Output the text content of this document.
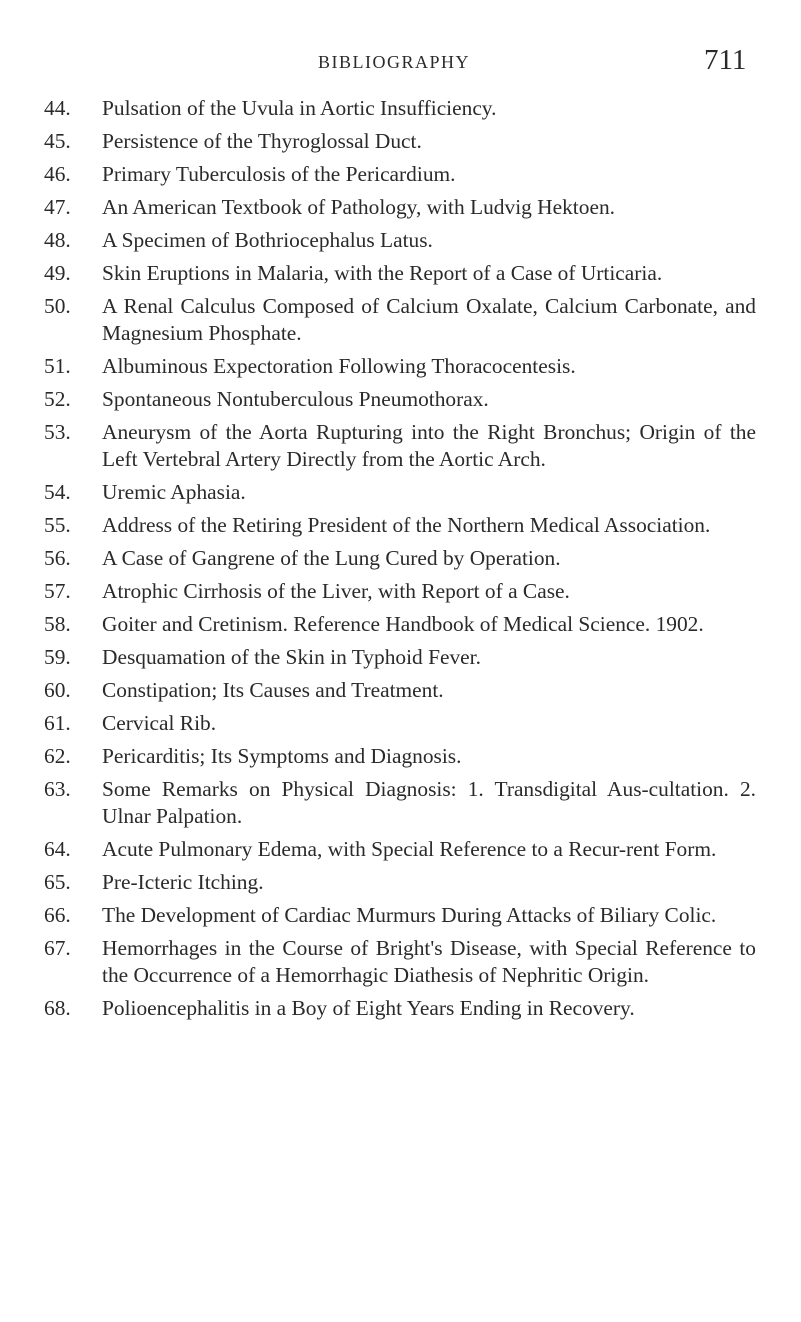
BIBLIOGRAPHY	711
44. Pulsation of the Uvula in Aortic Insufficiency.
45. Persistence of the Thyroglossal Duct.
46. Primary Tuberculosis of the Pericardium.
47. An American Textbook of Pathology, with Ludvig Hektoen.
48. A Specimen of Bothriocephalus Latus.
49. Skin Eruptions in Malaria, with the Report of a Case of Urticaria.
50. A Renal Calculus Composed of Calcium Oxalate, Calcium Carbonate, and Magnesium Phosphate.
51. Albuminous Expectoration Following Thoracocentesis.
52. Spontaneous Nontuberculous Pneumothorax.
53. Aneurysm of the Aorta Rupturing into the Right Bronchus; Origin of the Left Vertebral Artery Directly from the Aortic Arch.
54. Uremic Aphasia.
55. Address of the Retiring President of the Northern Medical Association.
56. A Case of Gangrene of the Lung Cured by Operation.
57. Atrophic Cirrhosis of the Liver, with Report of a Case.
58. Goiter and Cretinism. Reference Handbook of Medical Science. 1902.
59. Desquamation of the Skin in Typhoid Fever.
60. Constipation; Its Causes and Treatment.
61. Cervical Rib.
62. Pericarditis; Its Symptoms and Diagnosis.
63. Some Remarks on Physical Diagnosis: 1. Transdigital Aus-cultation. 2. Ulnar Palpation.
64. Acute Pulmonary Edema, with Special Reference to a Recur-rent Form.
65. Pre-Icteric Itching.
66. The Development of Cardiac Murmurs During Attacks of Biliary Colic.
67. Hemorrhages in the Course of Bright's Disease, with Special Reference to the Occurrence of a Hemorrhagic Diathesis of Nephritic Origin.
68. Polioencephalitis in a Boy of Eight Years Ending in Recovery.
